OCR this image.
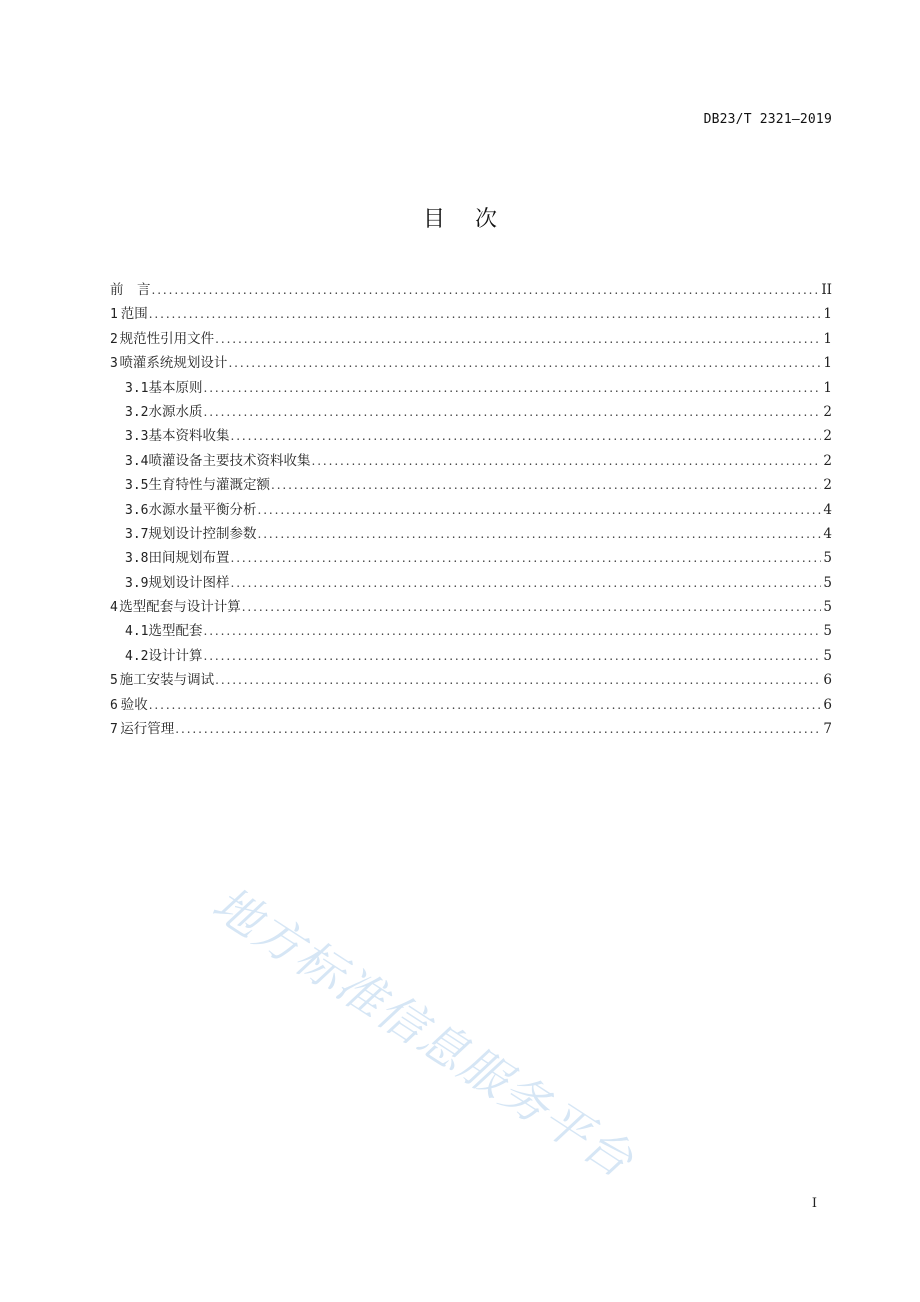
DB23/T 2321—2019
目 次
前　言 .....	II
1 范围 .....	1
2 规范性引用文件 .....	1
3 喷灌系统规划设计 .....	1
3.1 基本原则 .....	1
3.2 水源水质 .....	2
3.3 基本资料收集 .....	2
3.4 喷灌设备主要技术资料收集 .....	2
3.5 生育特性与灌溉定额 .....	2
3.6 水源水量平衡分析 .....	4
3.7 规划设计控制参数 .....	4
3.8 田间规划布置 .....	5
3.9 规划设计图样 .....	5
4 选型配套与设计计算 .....	5
4.1 选型配套 .....	5
4.2 设计计算 .....	5
5 施工安装与调试 .....	6
6 验收 .....	6
7 运行管理 .....	7
地方标准信息服务平台
I
